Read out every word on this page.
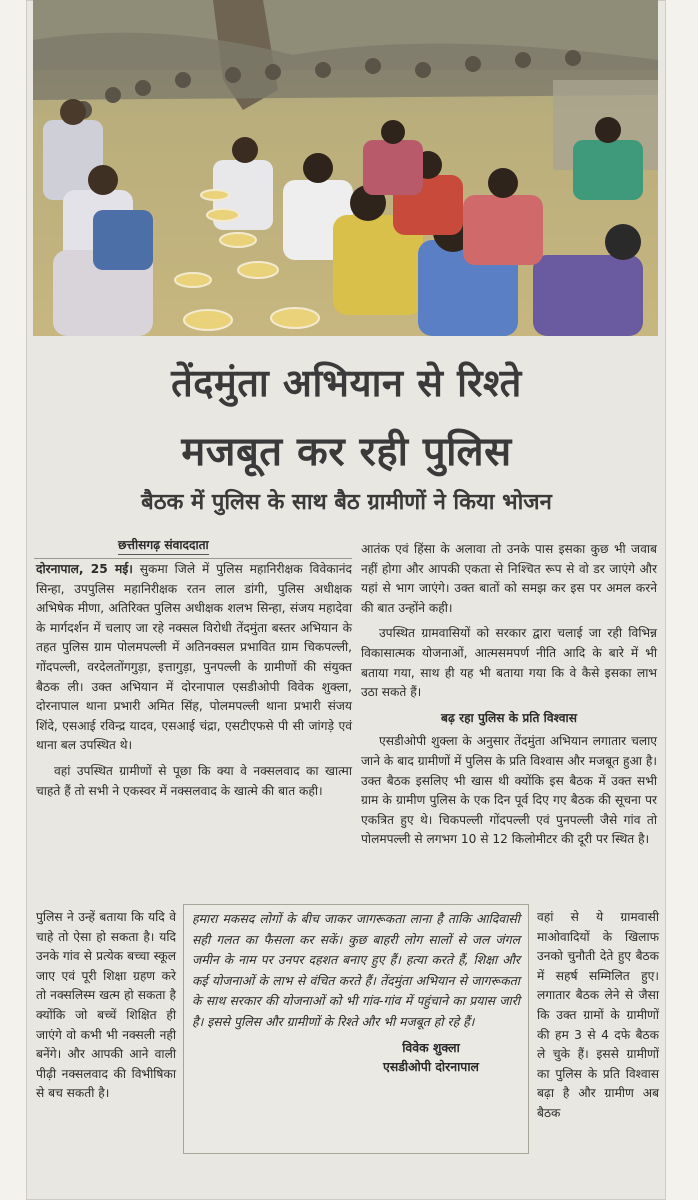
तेंदमुंता अभियान से रिश्ते
मजबूत कर रही पुलिस
बैठक में पुलिस के साथ बैठ ग्रामीणों ने किया भोजन
छत्तीसगढ़ संवाददाता

दोरनापाल, 25 मई। सुकमा जिले में पुलिस महानिरीक्षक विवेकानंद सिन्हा, उपपुलिस महानिरीक्षक रतन लाल डांगी, पुलिस अधीक्षक अभिषेक मीणा, अतिरिक्त पुलिस अधीक्षक शलभ सिन्हा, संजय महादेवा के मार्गदर्शन में चलाए जा रहे नक्सल विरोधी तेंदमुंता बस्तर अभियान के तहत पुलिस ग्राम पोलमपल्ली में अतिनक्सल प्रभावित ग्राम चिकपल्ली, गोंदपल्ली, वरदेलतोंगगुड़ा, इत्तागुड़ा, पुनपल्ली के ग्रामीणों की संयुक्त बैठक ली। उक्त अभियान में दोरनापाल एसडीओपी विवेक शुक्ला, दोरनापाल थाना प्रभारी अमित सिंह, पोलमपल्ली थाना प्रभारी संजय शिंदे, एसआई रविन्द्र यादव, एसआई चंद्रा, एसटीएफसे पी सी जांगड़े एवं थाना बल उपस्थित थे।

वहां उपस्थित ग्रामीणों से पूछा कि क्या वे नक्सलवाद का खात्मा चाहते हैं तो सभी ने एकस्वर में नक्सलवाद के खात्मे की बात कही।

पुलिस ने उन्हें बताया कि यदि वे चाहे तो ऐसा हो सकता है। यदि उनके गांव से प्रत्येक बच्चा स्कूल जाए एवं पूरी शिक्षा ग्रहण करे तो नक्सलिस्म खत्म हो सकता है क्योंकि जो बच्चें शिक्षित ही जाएंगे वो कभी भी नक्सली नही बनेंगे। और आपकी आने वाली पीढ़ी नक्सलवाद की विभीषिका से बच सकती है।

आतंक एवं हिंसा के अलावा तो उनके पास इसका कुछ भी जवाब नहीं होगा और आपकी एकता से निश्चित रूप से वो डर जाएंगे और यहां से भाग जाएंगे। उक्त बातों को समझ कर इस पर अमल करने की बात उन्होंने कही।

उपस्थित ग्रामवासियों को सरकार द्वारा चलाई जा रही विभिन्न विकासात्मक योजनाओं, आत्मसमपर्ण नीति आदि के बारे में भी बताया गया, साथ ही यह भी बताया गया कि वे कैसे इसका लाभ उठा सकते हैं।

बढ़ रहा पुलिस के प्रति विश्वास

एसडीओपी शुक्ला के अनुसार तेंदमुंता अभियान लगातार चलाए जाने के बाद ग्रामीणों में पुलिस के प्रति विश्वास और मजबूत हुआ है। उक्त बैठक इसलिए भी खास थी क्योंकि इस बैठक में उक्त सभी ग्राम के ग्रामीण पुलिस के एक दिन पूर्व दिए गए बैठक की सूचना पर एकत्रित हुए थे। चिकपल्ली गोंदपल्ली एवं पुनपल्ली जैसे गांव तो पोलमपल्ली से लगभग 10 से 12 किलोमीटर की दूरी पर स्थित है।

वहां से ये ग्रामवासी माओवादियों के खिलाफ उनको चुनौती देते हुए बैठक में सहर्ष सम्मिलित हुए। लगातार बैठक लेने से जैसा कि उक्त ग्रामों के ग्रामीणों की हम 3 से 4 दफे बैठक ले चुके हैं। इससे ग्रामीणों का पुलिस के प्रति विश्वास बढ़ा है और ग्रामीण अब बैठक

हमारा मकसद लोगों के बीच जाकर जागरूकता लाना है ताकि आदिवासी सही गलत का फैसला कर सकें। कुछ बाहरी लोग सालों से जल जंगल जमीन के नाम पर उनपर दहशत बनाए हुए हैं। हत्या करते हैं, शिक्षा और कई योजनाओं के लाभ से वंचित करते हैं। तेंदमुंता अभियान से जागरूकता के साथ सरकार की योजनाओं को भी गांव-गांव में पहुंचाने का प्रयास जारी है। इससे पुलिस और ग्रामीणों के रिश्ते और भी मजबूत हो रहे हैं।
विवेक शुक्ला
एसडीओपी दोरनापाल
